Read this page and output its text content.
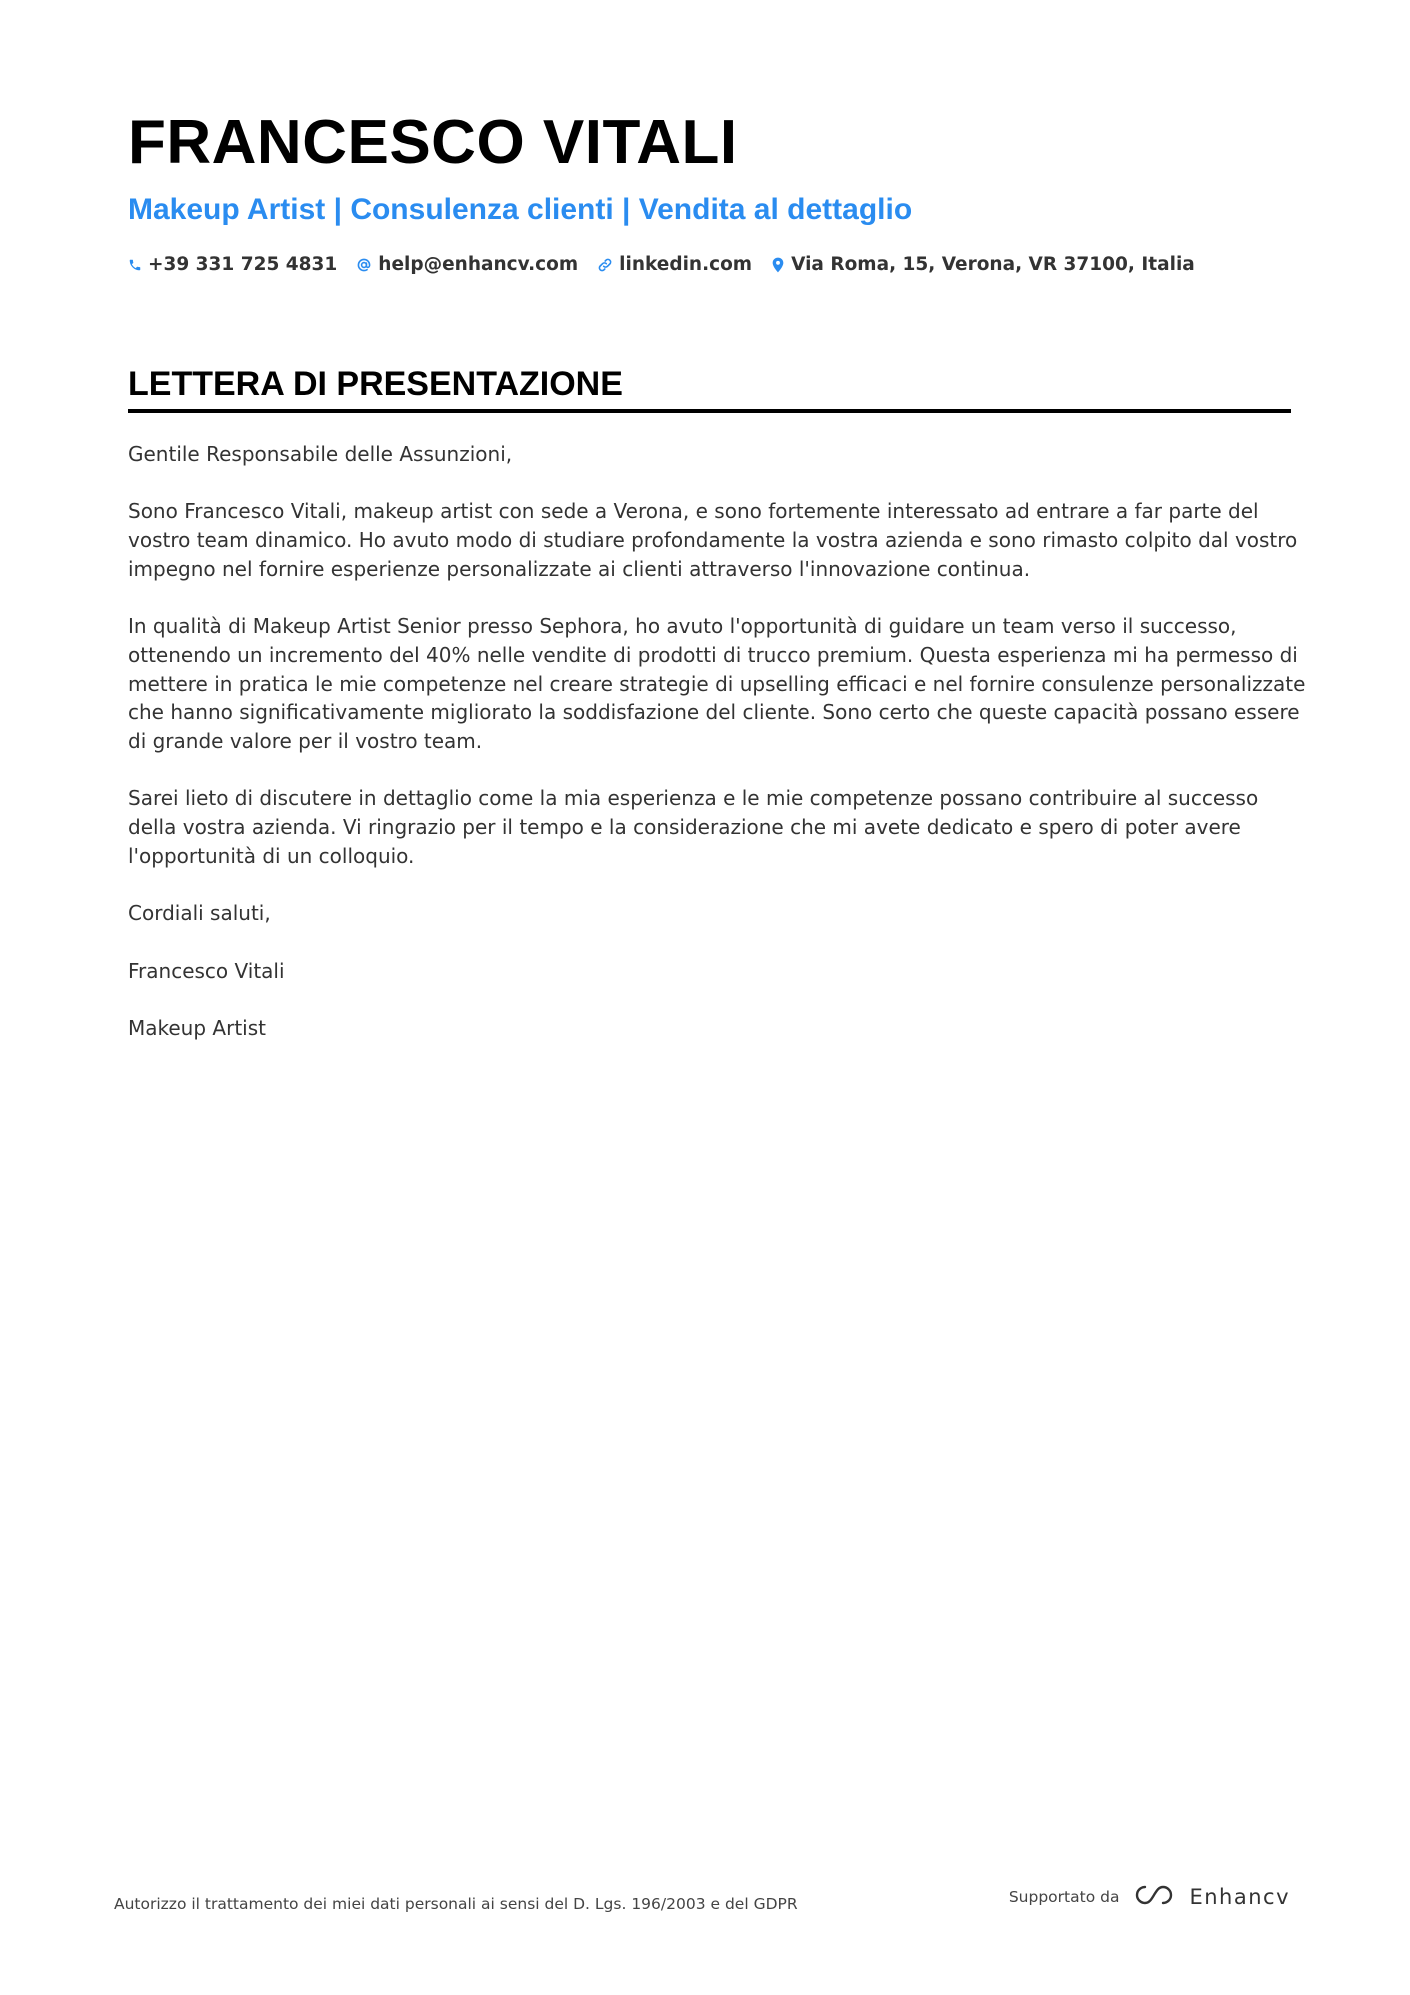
FRANCESCO VITALI
Makeup Artist | Consulenza clienti | Vendita al dettaglio
+39 331 725 4831 help@enhancv.com linkedin.com Via Roma, 15, Verona, VR 37100, Italia
LETTERA DI PRESENTAZIONE

Gentile Responsabile delle Assunzioni,

Sono Francesco Vitali, makeup artist con sede a Verona, e sono fortemente interessato ad entrare a far parte del vostro team dinamico. Ho avuto modo di studiare profondamente la vostra azienda e sono rimasto colpito dal vostro impegno nel fornire esperienze personalizzate ai clienti attraverso l'innovazione continua.

In qualità di Makeup Artist Senior presso Sephora, ho avuto l'opportunità di guidare un team verso il successo, ottenendo un incremento del 40% nelle vendite di prodotti di trucco premium. Questa esperienza mi ha permesso di mettere in pratica le mie competenze nel creare strategie di upselling efficaci e nel fornire consulenze personalizzate che hanno significativamente migliorato la soddisfazione del cliente. Sono certo che queste capacità possano essere di grande valore per il vostro team.

Sarei lieto di discutere in dettaglio come la mia esperienza e le mie competenze possano contribuire al successo della vostra azienda. Vi ringrazio per il tempo e la considerazione che mi avete dedicato e spero di poter avere l'opportunità di un colloquio.

Cordiali saluti,

Francesco Vitali

Makeup Artist

Autorizzo il trattamento dei miei dati personali ai sensi del D. Lgs. 196/2003 e del GDPR	Supportato da	Enhancv
